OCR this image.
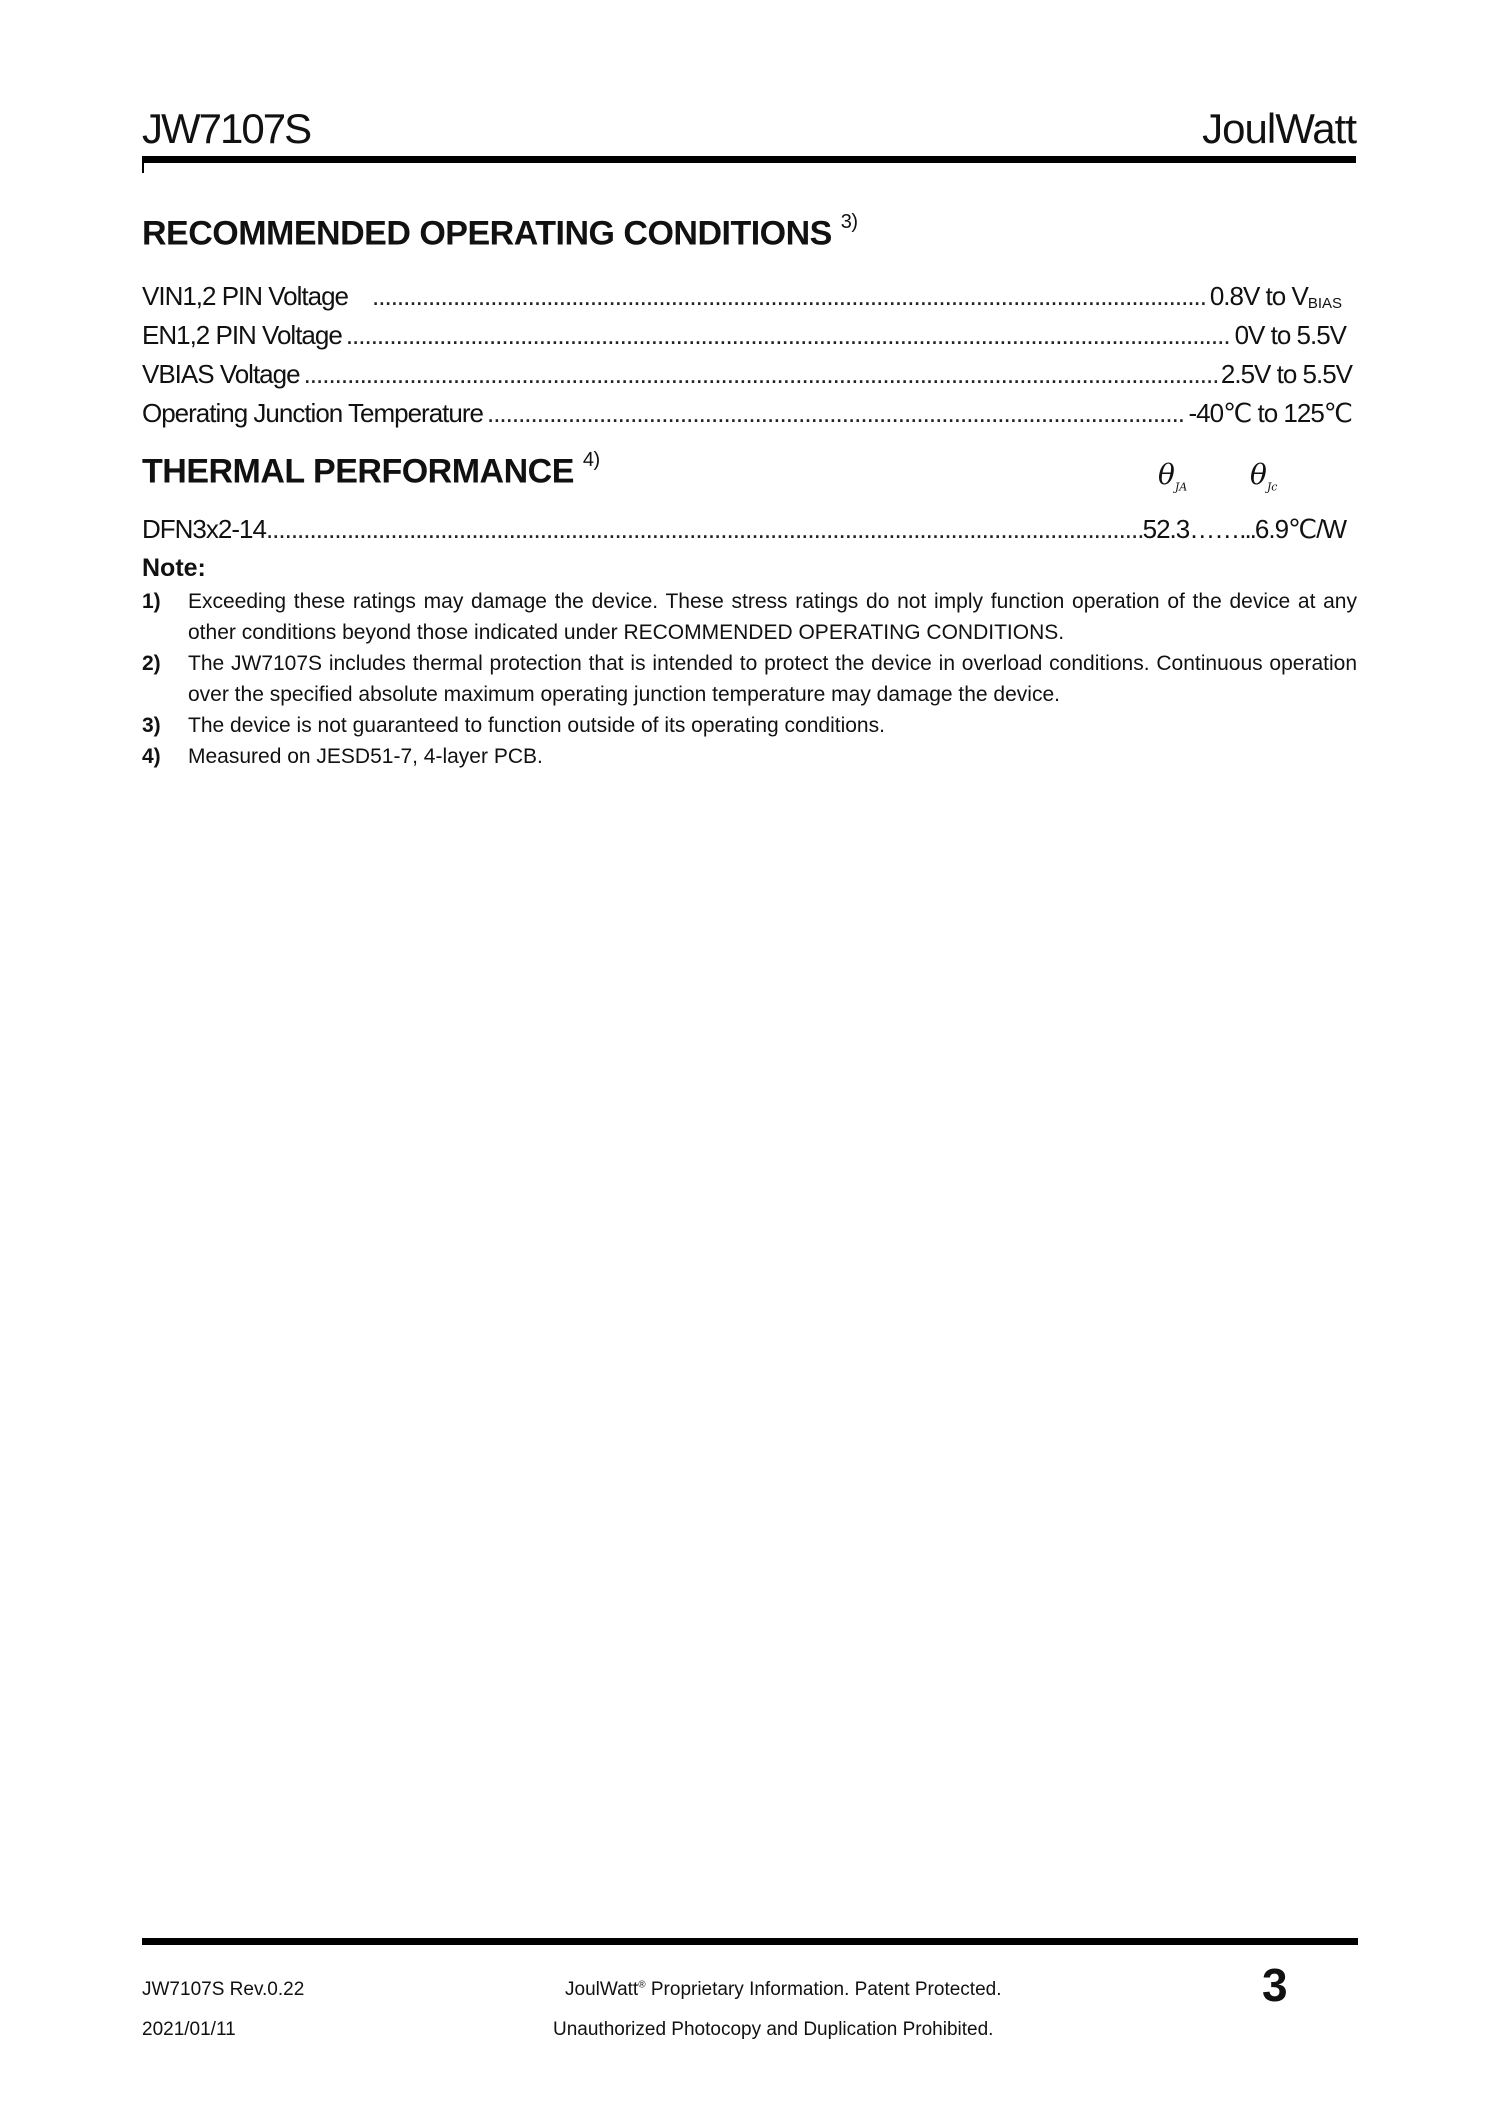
JW7107S	JoulWatt
RECOMMENDED OPERATING CONDITIONS $^{3)}$
VIN1,2 PIN Voltage .....	0.8V to $V_{BIAS}$
EN1,2 PIN Voltage .....	0V to 5.5V
VBIAS Voltage .....	2.5V to 5.5V
Operating Junction Temperature .....	-40℃ to 125℃
THERMAL PERFORMANCE $^{4)}$	$\theta_{JA}$ $\theta_{Jc}$
DFN3x2-14 .....	52.3……...6.9℃/W
Note:
1) Exceeding these ratings may damage the device. These stress ratings do not imply function operation of the device at any other conditions beyond those indicated under RECOMMENDED OPERATING CONDITIONS.
2) The JW7107S includes thermal protection that is intended to protect the device in overload conditions. Continuous operation over the specified absolute maximum operating junction temperature may damage the device.
3) The device is not guaranteed to function outside of its operating conditions.
4) Measured on JESD51-7, 4-layer PCB.
JW7107S Rev.0.22
2021/01/11
JoulWatt® Proprietary Information. Patent Protected.
Unauthorized Photocopy and Duplication Prohibited.
3
